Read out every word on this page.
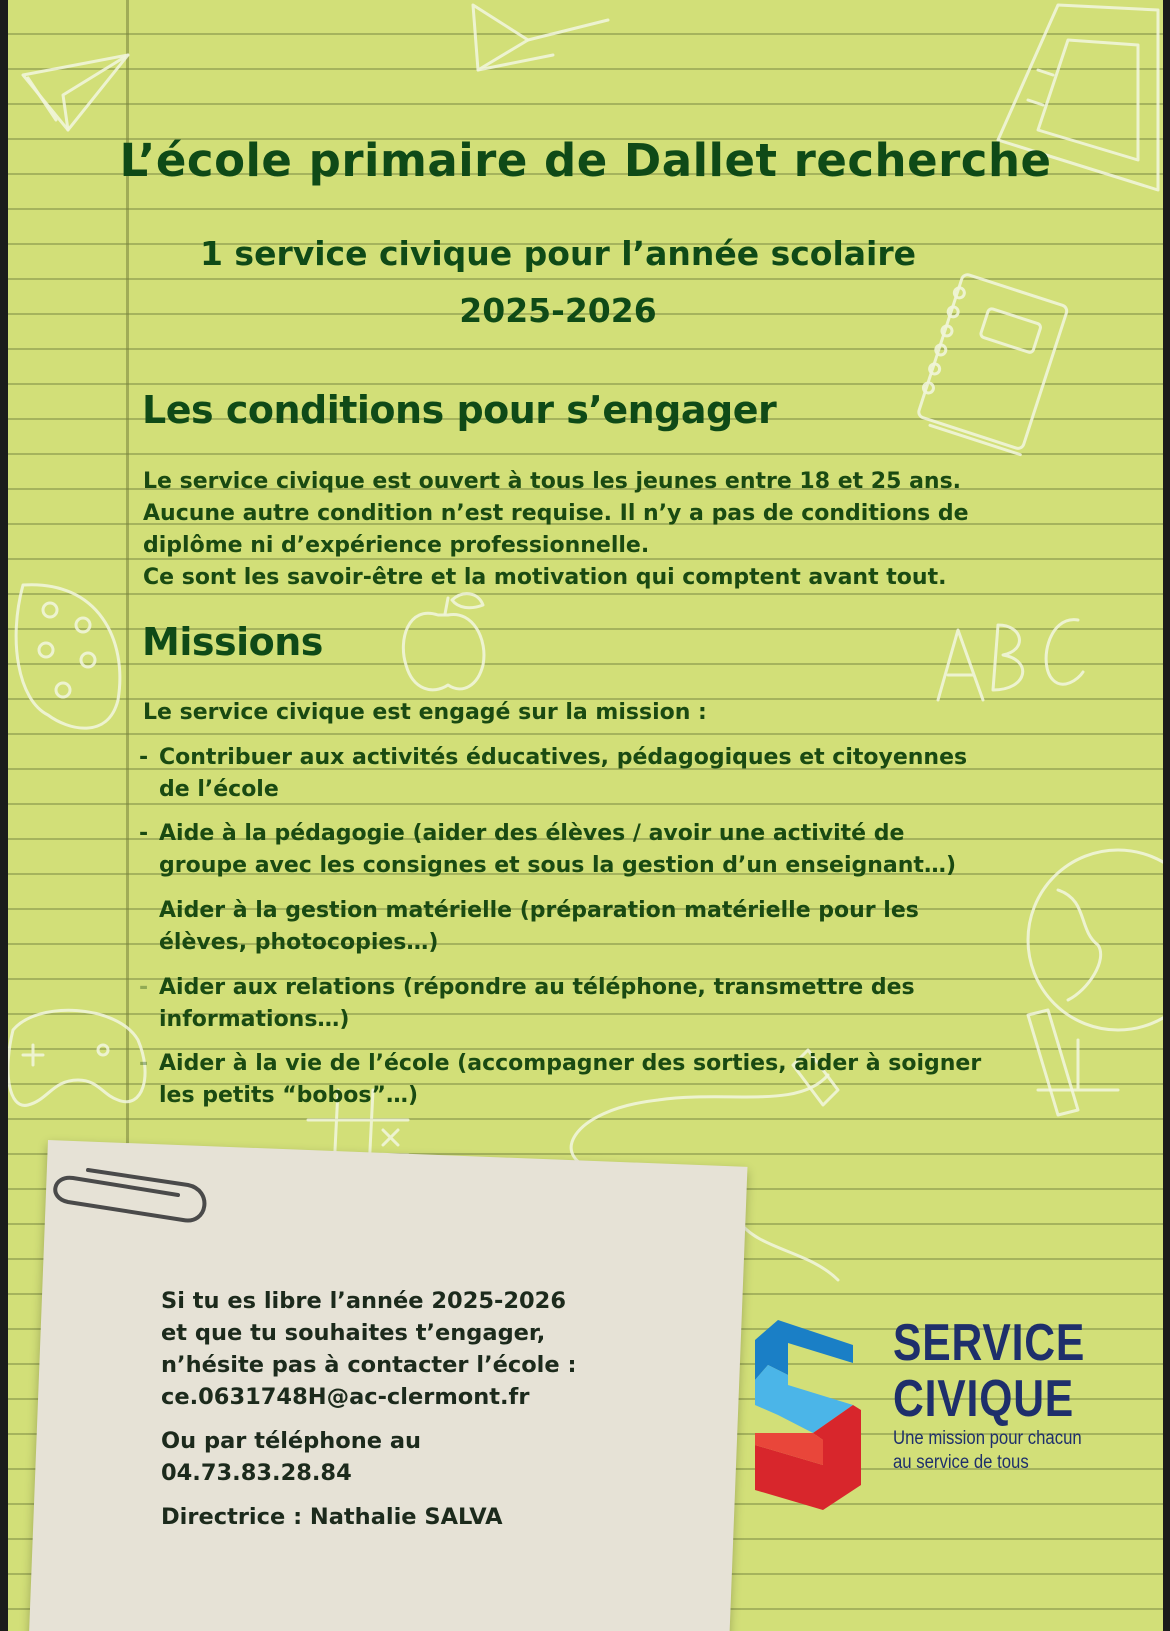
L’école primaire de Dallet recherche
1 service civique pour l’année scolaire
2025-2026
Les conditions pour s’engager
Le service civique est ouvert à tous les jeunes entre 18 et 25 ans.
Aucune autre condition n’est requise. Il n’y a pas de conditions de
diplôme ni d’expérience professionnelle.
Ce sont les savoir-être et la motivation qui comptent avant tout.
Missions
Le service civique est engagé sur la mission :
- Contribuer aux activités éducatives, pédagogiques et citoyennes
de l’école
- Aide à la pédagogie (aider des élèves / avoir une activité de
groupe avec les consignes et sous la gestion d’un enseignant…)
Aider à la gestion matérielle (préparation matérielle pour les
élèves, photocopies…)
- Aider aux relations (répondre au téléphone, transmettre des
informations…)
- Aider à la vie de l’école (accompagner des sorties, aider à soigner
les petits “bobos”…)
Si tu es libre l’année 2025-2026
et que tu souhaites t’engager,
n’hésite pas à contacter l’école :
ce.0631748H@ac-clermont.fr
Ou par téléphone au
04.73.83.28.84
Directrice : Nathalie SALVA
SERVICE
CIVIQUE
Une mission pour chacun
au service de tous
